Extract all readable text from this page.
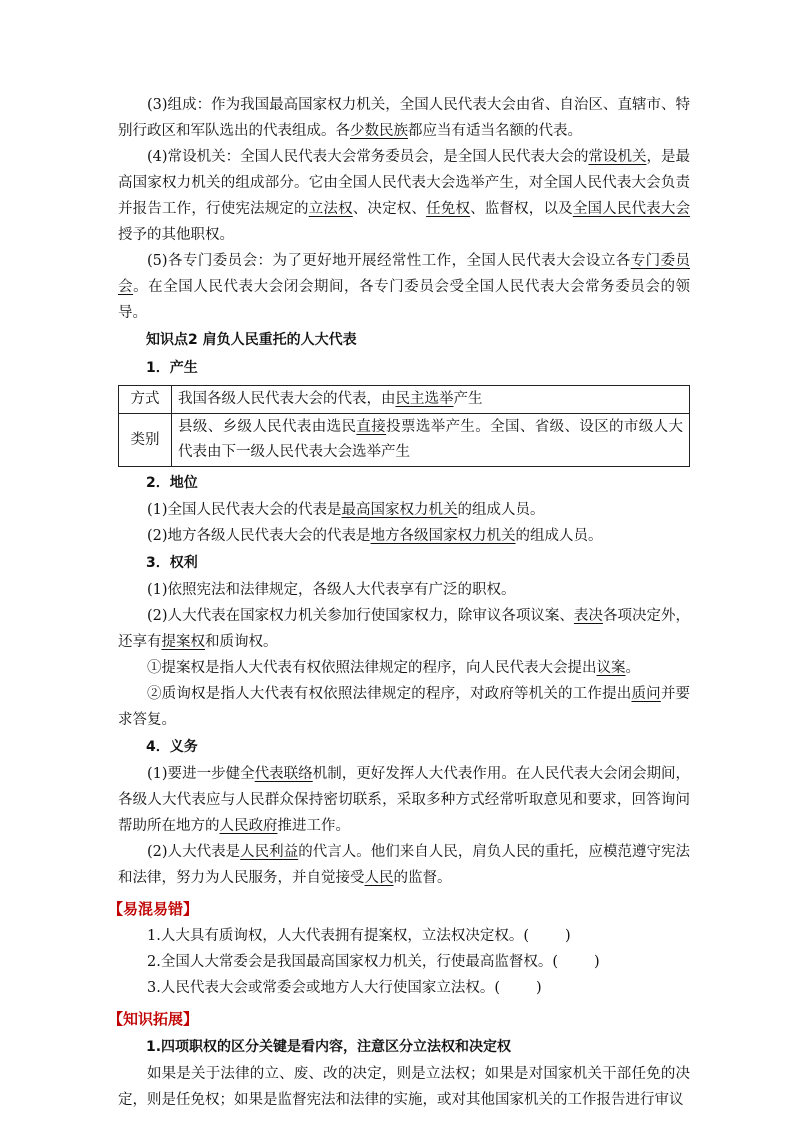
(3)组成：作为我国最高国家权力机关，全国人民代表大会由省、自治区、直辖市、特别行政区和军队选出的代表组成。各少数民族都应当有适当名额的代表。

(4)常设机关：全国人民代表大会常务委员会，是全国人民代表大会的常设机关，是最高国家权力机关的组成部分。它由全国人民代表大会选举产生，对全国人民代表大会负责并报告工作，行使宪法规定的立法权、决定权、任免权、监督权，以及全国人民代表大会授予的其他职权。

(5)各专门委员会：为了更好地开展经常性工作，全国人民代表大会设立各专门委员会。在全国人民代表大会闭会期间，各专门委员会受全国人民代表大会常务委员会的领导。

知识点2 肩负人民重托的人大代表

1．产生

方式	我国各级人民代表大会的代表，由民主选举产生
类别	县级、乡级人民代表由选民直接投票选举产生。全国、省级、设区的市级人大代表由下一级人民代表大会选举产生

2．地位

(1)全国人民代表大会的代表是最高国家权力机关的组成人员。

(2)地方各级人民代表大会的代表是地方各级国家权力机关的组成人员。

3．权利

(1)依照宪法和法律规定，各级人大代表享有广泛的职权。

(2)人大代表在国家权力机关参加行使国家权力，除审议各项议案、表决各项决定外，还享有提案权和质询权。

①提案权是指人大代表有权依照法律规定的程序，向人民代表大会提出议案。

②质询权是指人大代表有权依照法律规定的程序，对政府等机关的工作提出质问并要求答复。

4．义务

(1)要进一步健全代表联络机制，更好发挥人大代表作用。在人民代表大会闭会期间，各级人大代表应与人民群众保持密切联系，采取多种方式经常听取意见和要求，回答询问帮助所在地方的人民政府推进工作。

(2)人大代表是人民利益的代言人。他们来自人民，肩负人民的重托，应模范遵守宪法和法律，努力为人民服务，并自觉接受人民的监督。

【易混易错】

1.人大具有质询权，人大代表拥有提案权，立法权决定权。( )

2.全国人大常委会是我国最高国家权力机关，行使最高监督权。( )

3.人民代表大会或常委会或地方人大行使国家立法权。( )

【知识拓展】

1.四项职权的区分关键是看内容，注意区分立法权和决定权

如果是关于法律的立、废、改的决定，则是立法权；如果是对国家机关干部任免的决定，则是任免权；如果是监督宪法和法律的实施，或对其他国家机关的工作报告进行审议
